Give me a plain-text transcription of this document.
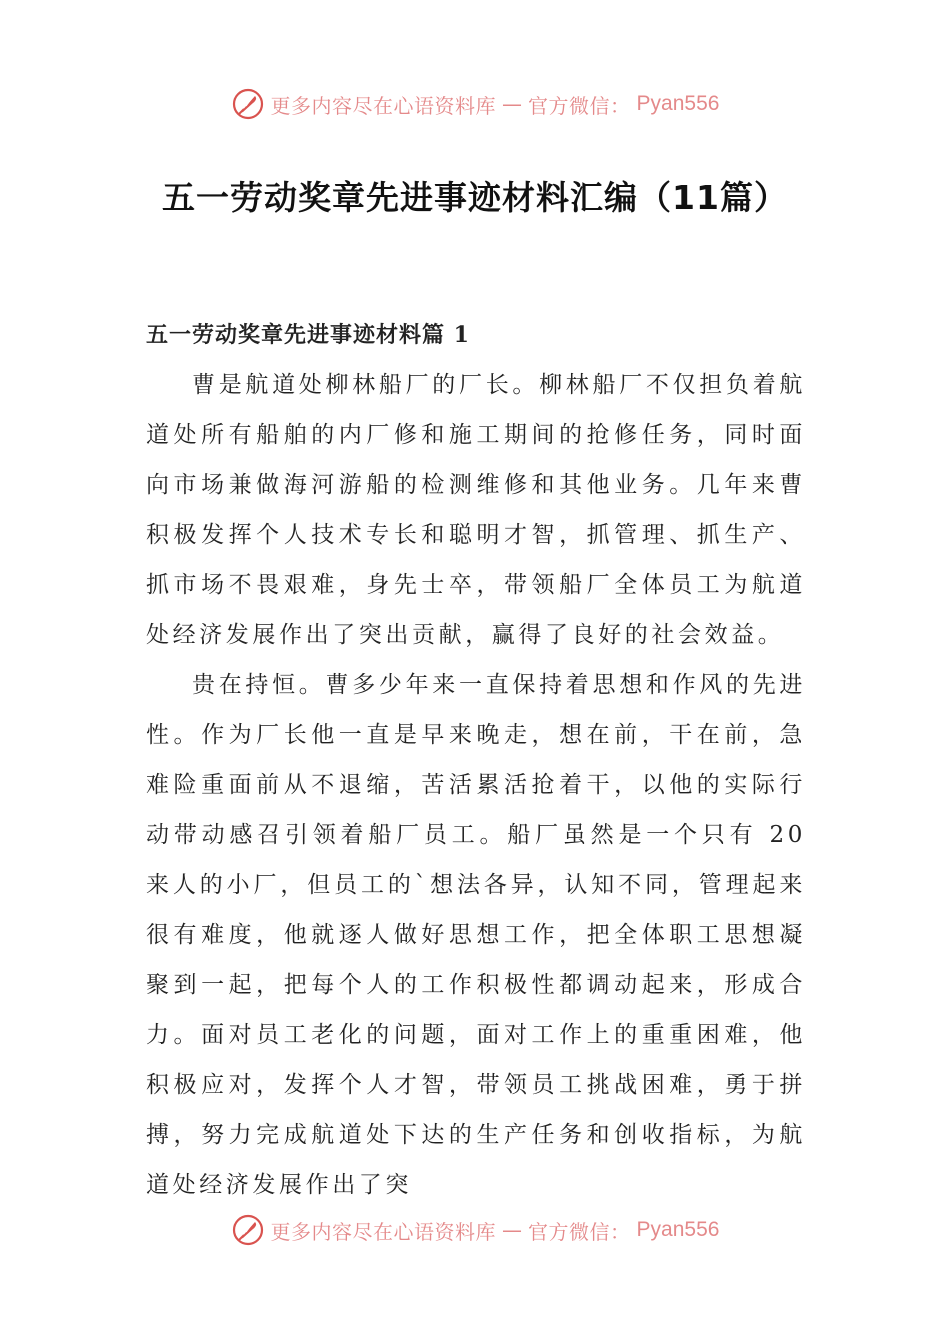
更多内容尽在心语资料库 — 官方微信： Pyan556
五一劳动奖章先进事迹材料汇编（11篇）
五一劳动奖章先进事迹材料篇 1

曹是航道处柳林船厂的厂长。柳林船厂不仅担负着航道处所有船舶的内厂修和施工期间的抢修任务，同时面向市场兼做海河游船的检测维修和其他业务。几年来曹积极发挥个人技术专长和聪明才智，抓管理、抓生产、抓市场不畏艰难，身先士卒，带领船厂全体员工为航道处经济发展作出了突出贡献，赢得了良好的社会效益。

贵在持恒。曹多少年来一直保持着思想和作风的先进性。作为厂长他一直是早来晚走，想在前，干在前，急难险重面前从不退缩，苦活累活抢着干，以他的实际行动带动感召引领着船厂员工。船厂虽然是一个只有 20 来人的小厂，但员工的`想法各异，认知不同，管理起来很有难度，他就逐人做好思想工作，把全体职工思想凝聚到一起，把每个人的工作积极性都调动起来，形成合力。面对员工老化的问题，面对工作上的重重困难，他积极应对，发挥个人才智，带领员工挑战困难，勇于拼搏，努力完成航道处下达的生产任务和创收指标，为航道处经济发展作出了突

更多内容尽在心语资料库 — 官方微信： Pyan556
